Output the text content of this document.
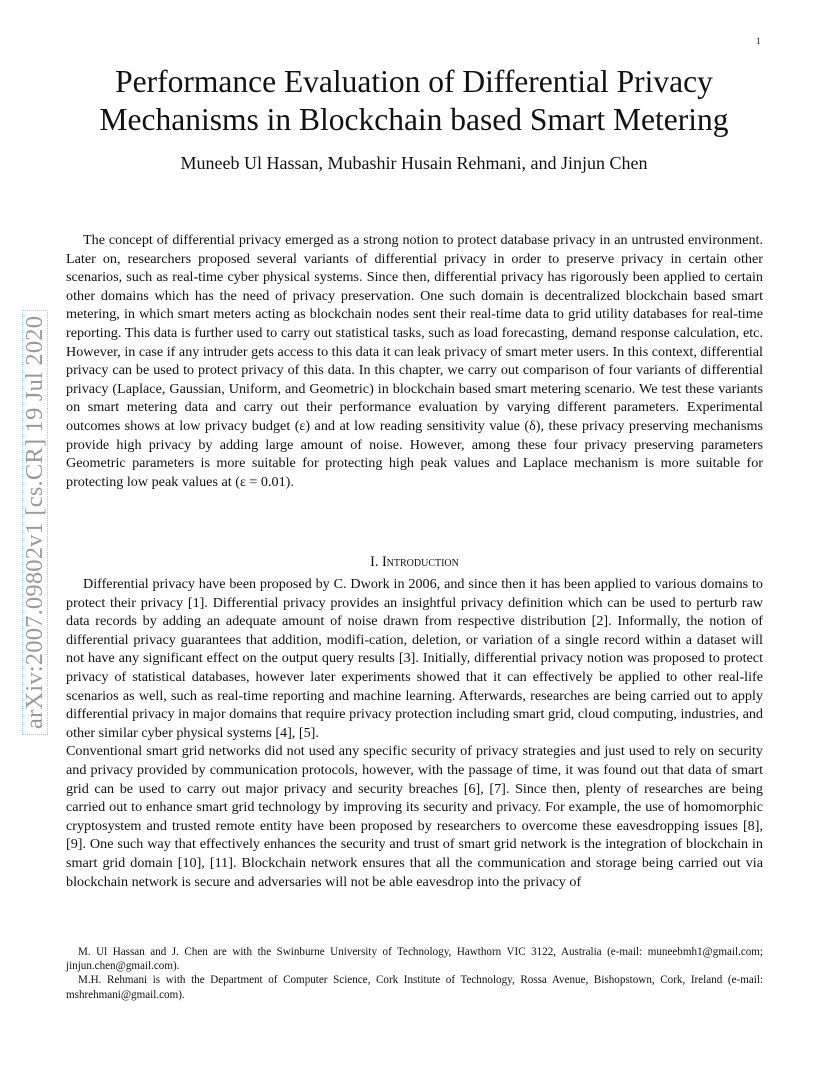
1
arXiv:2007.09802v1 [cs.CR] 19 Jul 2020
Performance Evaluation of Differential Privacy Mechanisms in Blockchain based Smart Metering
Muneeb Ul Hassan, Mubashir Husain Rehmani, and Jinjun Chen

The concept of differential privacy emerged as a strong notion to protect database privacy in an untrusted environment. Later on, researchers proposed several variants of differential privacy in order to preserve privacy in certain other scenarios, such as real-time cyber physical systems. Since then, differential privacy has rigorously been applied to certain other domains which has the need of privacy preservation. One such domain is decentralized blockchain based smart metering, in which smart meters acting as blockchain nodes sent their real-time data to grid utility databases for real-time reporting. This data is further used to carry out statistical tasks, such as load forecasting, demand response calculation, etc. However, in case if any intruder gets access to this data it can leak privacy of smart meter users. In this context, differential privacy can be used to protect privacy of this data. In this chapter, we carry out comparison of four variants of differential privacy (Laplace, Gaussian, Uniform, and Geometric) in blockchain based smart metering scenario. We test these variants on smart metering data and carry out their performance evaluation by varying different parameters. Experimental outcomes shows at low privacy budget (ε) and at low reading sensitivity value (δ), these privacy preserving mechanisms provide high privacy by adding large amount of noise. However, among these four privacy preserving parameters Geometric parameters is more suitable for protecting high peak values and Laplace mechanism is more suitable for protecting low peak values at (ε = 0.01).

I. Introduction

Differential privacy have been proposed by C. Dwork in 2006, and since then it has been applied to various domains to protect their privacy [1]. Differential privacy provides an insightful privacy definition which can be used to perturb raw data records by adding an adequate amount of noise drawn from respective distribution [2]. Informally, the notion of differential privacy guarantees that addition, modifi-cation, deletion, or variation of a single record within a dataset will not have any significant effect on the output query results [3]. Initially, differential privacy notion was proposed to protect privacy of statistical databases, however later experiments showed that it can effectively be applied to other real-life scenarios as well, such as real-time reporting and machine learning. Afterwards, researches are being carried out to apply differential privacy in major domains that require privacy protection including smart grid, cloud computing, industries, and other similar cyber physical systems [4], [5].

Conventional smart grid networks did not used any specific security of privacy strategies and just used to rely on security and privacy provided by communication protocols, however, with the passage of time, it was found out that data of smart grid can be used to carry out major privacy and security breaches [6], [7]. Since then, plenty of researches are being carried out to enhance smart grid technology by improving its security and privacy. For example, the use of homomorphic cryptosystem and trusted remote entity have been proposed by researchers to overcome these eavesdropping issues [8], [9]. One such way that effectively enhances the security and trust of smart grid network is the integration of blockchain in smart grid domain [10], [11]. Blockchain network ensures that all the communication and storage being carried out via blockchain network is secure and adversaries will not be able eavesdrop into the privacy of

M. Ul Hassan and J. Chen are with the Swinburne University of Technology, Hawthorn VIC 3122, Australia (e-mail: muneebmh1@gmail.com; jinjun.chen@gmail.com).

M.H. Rehmani is with the Department of Computer Science, Cork Institute of Technology, Rossa Avenue, Bishopstown, Cork, Ireland (e-mail: mshrehmani@gmail.com).
